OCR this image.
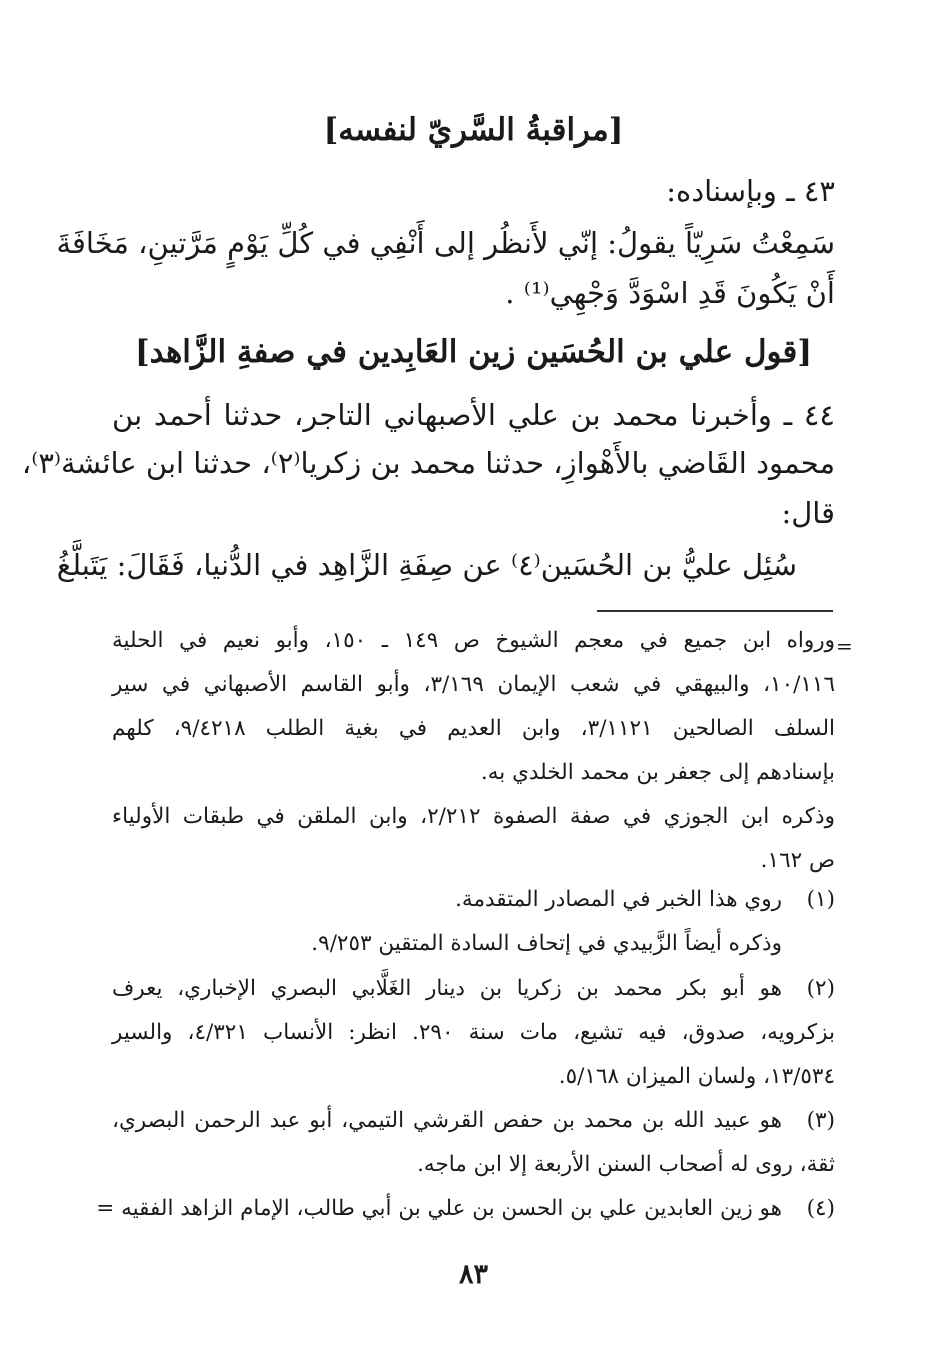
[مراقبةُ السَّريّ لنفسه]
٤٣ ـ وبإسناده:
سَمِعْتُ سَرِيّاً يقولُ: إنّي لأَنظُر إلى أَنْفِي في كُلِّ يَوْمٍ مَرَّتينِ، مَخَافَةَ
أَنْ يَكُونَ قَدِ اسْوَدَّ وَجْهِي⁽¹⁾ .
[قول علي بن الحُسَين زين العَابِدين في صفةِ الزَّاهد]
٤٤ ـ وأخبرنا محمد بن علي الأصبهاني التاجر، حدثنا أحمد بن
محمود القَاضي بالأَهْوازِ، حدثنا محمد بن زكريا⁽٢⁾، حدثنا ابن عائشة⁽٣⁾،
قال:
سُئِل عليُّ بن الحُسَين⁽٤⁾ عن صِفَةِ الزَّاهِد في الدُّنيا، فَقَالَ: يَتَبلَّغُ
=
ورواه ابن جميع في معجم الشيوخ ص ١٤٩ ـ ١٥٠، وأبو نعيم في الحلية
١٠/١١٦، والبيهقي في شعب الإيمان ٣/١٦٩، وأبو القاسم الأصبهاني في سير
السلف الصالحين ٣/١١٢١، وابن العديم في بغية الطلب ٩/٤٢١٨، كلهم
بإسنادهم إلى جعفر بن محمد الخلدي به.
وذكره ابن الجوزي في صفة الصفوة ٢/٢١٢، وابن الملقن في طبقات الأولياء
ص ١٦٢.
(١)
روي هذا الخبر في المصادر المتقدمة.
وذكره أيضاً الزَّبيدي في إتحاف السادة المتقين ٩/٢٥٣.
(٢)
هو أبو بكر محمد بن زكريا بن دينار الغَلَّابي البصري الإخباري، يعرف
بزكرويه، صدوق، فيه تشيع، مات سنة ٢٩٠. انظر: الأنساب ٤/٣٢١، والسير
١٣/٥٣٤، ولسان الميزان ٥/١٦٨.
(٣)
هو عبيد الله بن محمد بن حفص القرشي التيمي، أبو عبد الرحمن البصري،
ثقة، روى له أصحاب السنن الأربعة إلا ابن ماجه.
(٤)
هو زين العابدين علي بن الحسن بن علي بن أبي طالب، الإمام الزاهد الفقيه =
٨٣
